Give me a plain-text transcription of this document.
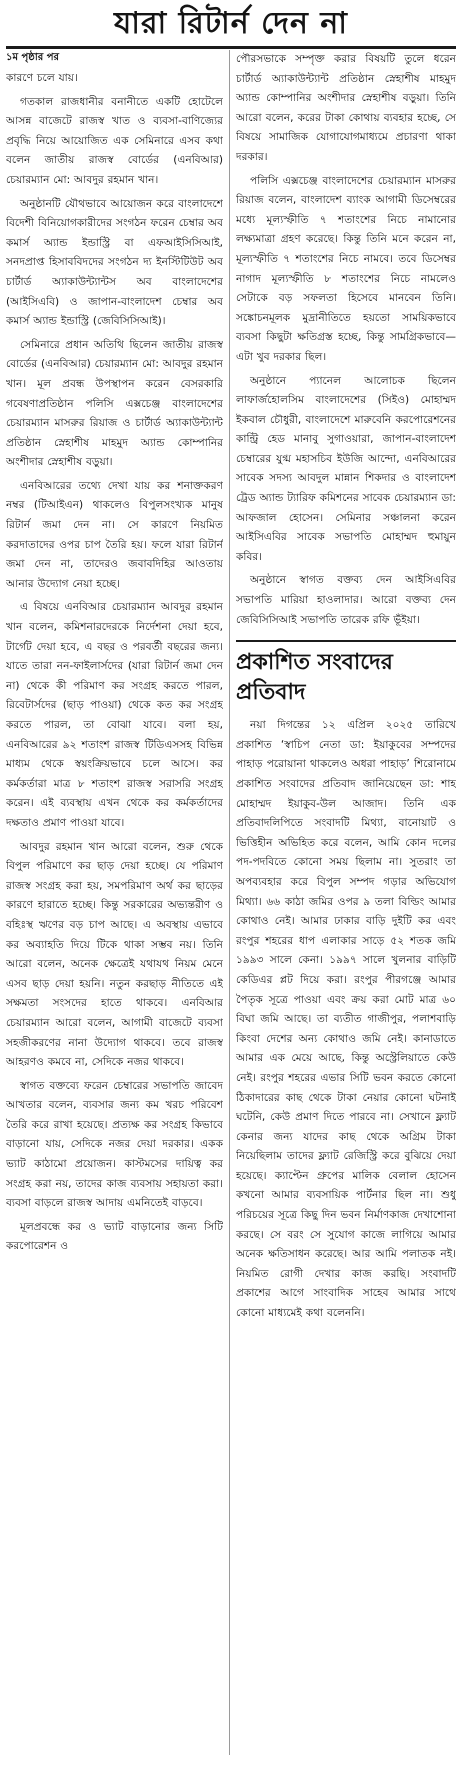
যারা রিটার্ন দেন না
১ম পৃষ্ঠার পর

কারণে চলে যায়।

গতকাল রাজধানীর বনানীতে একটি হোটেলে আসন্ন বাজেটে রাজস্ব খাত ও ব্যবসা-বাণিজ্যের প্রবৃদ্ধি নিয়ে আয়োজিত এক সেমিনারে এসব কথা বলেন জাতীয় রাজস্ব বোর্ডের (এনবিআর) চেয়ারম্যান মো: আবদুর রহমান খান।

অনুষ্ঠানটি যৌথভাবে আয়োজন করে বাংলাদেশে বিদেশী বিনিয়োগকারীদের সংগঠন ফরেন চেম্বার অব কমার্স অ্যান্ড ইন্ডাস্ট্রি বা এফআইসিসিআই, সনদপ্রাপ্ত হিসাববিদদের সংগঠন দ্য ইনস্টিটিউট অব চার্টার্ড অ্যাকাউন্ট্যান্টস অব বাংলাদেশের (আইসিএবি) ও জাপান-বাংলাদেশ চেম্বার অব কমার্স অ্যান্ড ইন্ডাস্ট্রি (জেবিসিসিআই)।

সেমিনারে প্রধান অতিথি ছিলেন জাতীয় রাজস্ব বোর্ডের (এনবিআর) চেয়ারম্যান মো: আবদুর রহমান খান। মূল প্রবন্ধ উপস্থাপন করেন বেসরকারি গবেষণাপ্রতিষ্ঠান পলিসি এক্সচেঞ্জ বাংলাদেশের চেয়ারম্যান মাসরুর রিয়াজ ও চার্টার্ড অ্যাকাউন্ট্যান্ট প্রতিষ্ঠান স্নেহাশীষ মাহমুদ অ্যান্ড কোম্পানির অংশীদার স্নেহাশীষ বড়ুয়া।

এনবিআরের তথ্যে দেখা যায় কর শনাক্তকরণ নম্বর (টিআইএন) থাকলেও বিপুলসংখ্যক মানুষ রিটার্ন জমা দেন না। সে কারণে নিয়মিত করদাতাদের ওপর চাপ তৈরি হয়। ফলে যারা রিটার্ন জমা দেন না, তাদেরও জবাবদিহির আওতায় আনার উদ্যোগ নেয়া হচ্ছে।

এ বিষয়ে এনবিআর চেয়ারম্যান আবদুর রহমান খান বলেন, কমিশনারদেরকে নির্দেশনা দেয়া হবে, টার্গেট দেয়া হবে, এ বছর ও পরবর্তী বছরের জন্য। যাতে তারা নন-ফাইলার্সদের (যারা রিটার্ন জমা দেন না) থেকে কী পরিমাণ কর সংগ্রহ করতে পারল, রিবেটার্সদের (ছাড় পাওয়া) থেকে কত কর সংগ্রহ করতে পারল, তা বোঝা যাবে। বলা হয়, এনবিআরের ৯২ শতাংশ রাজস্ব টিডিএসসহ বিভিন্ন মাধ্যম থেকে স্বয়ংক্রিয়ভাবে চলে আসে। কর কর্মকর্তারা মাত্র ৮ শতাংশ রাজস্ব সরাসরি সংগ্রহ করেন। এই ব্যবস্থায় এখন থেকে কর কর্মকর্তাদের দক্ষতাও প্রমাণ পাওয়া যাবে।

আবদুর রহমান খান আরো বলেন, শুরু থেকে বিপুল পরিমাণে কর ছাড় দেয়া হচ্ছে। যে পরিমাণ রাজস্ব সংগ্রহ করা হয়, সমপরিমাণ অর্থ কর ছাড়ের কারণে হারাতে হচ্ছে। কিন্তু সরকারের অভ্যন্তরীণ ও বহিঃস্থ ঋণের বড় চাপ আছে। এ অবস্থায় এভাবে কর অব্যাহতি দিয়ে টিকে থাকা সম্ভব নয়। তিনি আরো বলেন, অনেক ক্ষেত্রেই যথাযথ নিয়ম মেনে এসব ছাড় দেয়া হয়নি। নতুন করছাড় নীতিতে এই সক্ষমতা সংসদের হাতে থাকবে। এনবিআর চেয়ারম্যান আরো বলেন, আগামী বাজেটে ব্যবসা সহজীকরণের নানা উদ্যোগ থাকবে। তবে রাজস্ব আহরণও কমবে না, সেদিকে নজর থাকবে।

স্বাগত বক্তব্যে ফরেন চেম্বারের সভাপতি জাবেদ আখতার বলেন, ব্যবসার জন্য কম খরচ পরিবেশ তৈরি করে রাখা হয়েছে। প্রত্যক্ষ কর সংগ্রহ কিভাবে বাড়ানো যায়, সেদিকে নজর দেয়া দরকার। একক ভ্যাট কাঠামো প্রয়োজন। কাস্টমসের দায়িত্ব কর সংগ্রহ করা নয়, তাদের কাজ ব্যবসায় সহায়তা করা। ব্যবসা বাড়লে রাজস্ব আদায় এমনিতেই বাড়বে।

মূলপ্রবন্ধে কর ও ভ্যাট বাড়ানোর জন্য সিটি করপোরেশন ও

পৌরসভাকে সম্পৃক্ত করার বিষয়টি তুলে ধরেন চার্টার্ড অ্যাকাউন্ট্যান্ট প্রতিষ্ঠান স্নেহাশীষ মাহমুদ অ্যান্ড কোম্পানির অংশীদার স্নেহাশীষ বড়ুয়া। তিনি আরো বলেন, করের টাকা কোথায় ব্যবহার হচ্ছে, সে বিষয়ে সামাজিক যোগাযোগমাধ্যমে প্রচারণা থাকা দরকার।

পলিসি এক্সচেঞ্জ বাংলাদেশের চেয়ারম্যান মাসরুর রিয়াজ বলেন, বাংলাদেশ ব্যাংক আগামী ডিসেম্বরের মধ্যে মূল্যস্ফীতি ৭ শতাংশের নিচে নামানোর লক্ষ্যমাত্রা গ্রহণ করেছে। কিন্তু তিনি মনে করেন না, মূল্যস্ফীতি ৭ শতাংশের নিচে নামবে। তবে ডিসেম্বর নাগাদ মূল্যস্ফীতি ৮ শতাংশের নিচে নামলেও সেটাকে বড় সফলতা হিসেবে মানবেন তিনি। সঙ্কোচনমূলক মুদ্রানীতিতে হয়তো সাময়িকভাবে ব্যবসা কিছুটা ক্ষতিগ্রস্ত হচ্ছে, কিন্তু সামগ্রিকভাবে—এটা খুব দরকার ছিল।

অনুষ্ঠানে প্যানেল আলোচক ছিলেন লাফার্জহোলসিম বাংলাদেশের (সিইও) মোহাম্মদ ইকবাল চৌধুরী, বাংলাদেশে মারুবেনি করপোরেশনের কান্ট্রি হেড মানাবু সুগাওয়ারা, জাপান-বাংলাদেশ চেম্বারের যুগ্ম মহাসচিব ইউজি আন্দো, এনবিআরের সাবেক সদস্য আবদুল মান্নান শিকদার ও বাংলাদেশ ট্রেড অ্যান্ড ট্যারিফ কমিশনের সাবেক চেয়ারম্যান ডা: আফজাল হোসেন। সেমিনার সঞ্চালনা করেন আইসিএবির সাবেক সভাপতি মোহাম্মদ হুমায়ুন কবির।

অনুষ্ঠানে স্বাগত বক্তব্য দেন আইসিএবির সভাপতি মারিয়া হাওলাদার। আরো বক্তব্য দেন জেবিসিসিআই সভাপতি তারেক রফি ভূঁইয়া।

প্রকাশিত সংবাদের প্রতিবাদ

নয়া দিগন্তের ১২ এপ্রিল ২০২৫ তারিখে প্রকাশিত ‘স্বাচিপ নেতা ডা: ইয়াকুবের সম্পদের পাহাড় পরোয়ানা থাকলেও অধরা পাহাড়’ শিরোনামে প্রকাশিত সংবাদের প্রতিবাদ জানিয়েছেন ডা: শাহ মোহাম্মদ ইয়াকুব-উল আজাদ। তিনি এক প্রতিবাদলিপিতে সংবাদটি মিথ্যা, বানোয়াট ও ভিত্তিহীন অভিহিত করে বলেন, আমি কোন দলের পদ-পদবিতে কোনো সময় ছিলাম না। সুতরাং তা অপব্যবহার করে বিপুল সম্পদ গড়ার অভিযোগ মিথ্যা। ৬৬ কাঠা জমির ওপর ৯ তলা বিল্ডিং আমার কোথাও নেই। আমার ঢাকার বাড়ি দুইটি কর এবং রংপুর শহরের ধাপ এলাকার সাড়ে ৫২ শতক জমি ১৯৯৩ সালে কেনা। ১৯৯৭ সালে খুলনার বাড়িটি কেডিএর প্লট দিয়ে করা। রংপুর পীরগঞ্জে আমার পৈতৃক সূত্রে পাওয়া এবং ক্রয় করা মোট মাত্র ৬০ বিঘা জমি আছে। তা ব্যতীত গাজীপুর, পলাশবাড়ি কিংবা দেশের অন্য কোথাও জমি নেই। কানাডাতে আমার এক মেয়ে আছে, কিন্তু অস্ট্রেলিয়াতে কেউ নেই। রংপুর শহরের এভার সিটি ভবন করতে কোনো ঠিকাদারের কাছ থেকে টাকা নেয়ার কোনো ঘটনাই ঘটেনি, কেউ প্রমাণ দিতে পারবে না। সেখানে ফ্ল্যাট কেনার জন্য যাদের কাছ থেকে অগ্রিম টাকা নিয়েছিলাম তাদের ফ্ল্যাট রেজিস্ট্রি করে বুঝিয়ে দেয়া হয়েছে। ক্যাপ্টেন গ্রুপের মালিক বেলাল হোসেন কখনো আমার ব্যবসায়িক পার্টনার ছিল না। শুধু পরিচয়ের সূত্রে কিছু দিন ভবন নির্মাণকাজ দেখাশোনা করছে। সে বরং সে সুযোগ কাজে লাগিয়ে আমার অনেক ক্ষতিসাধন করেছে। আর আমি পলাতক নই। নিয়মিত রোগী দেখার কাজ করছি। সংবাদটি প্রকাশের আগে সাংবাদিক সাহেব আমার সাথে কোনো মাধ্যমেই কথা বলেননি।
